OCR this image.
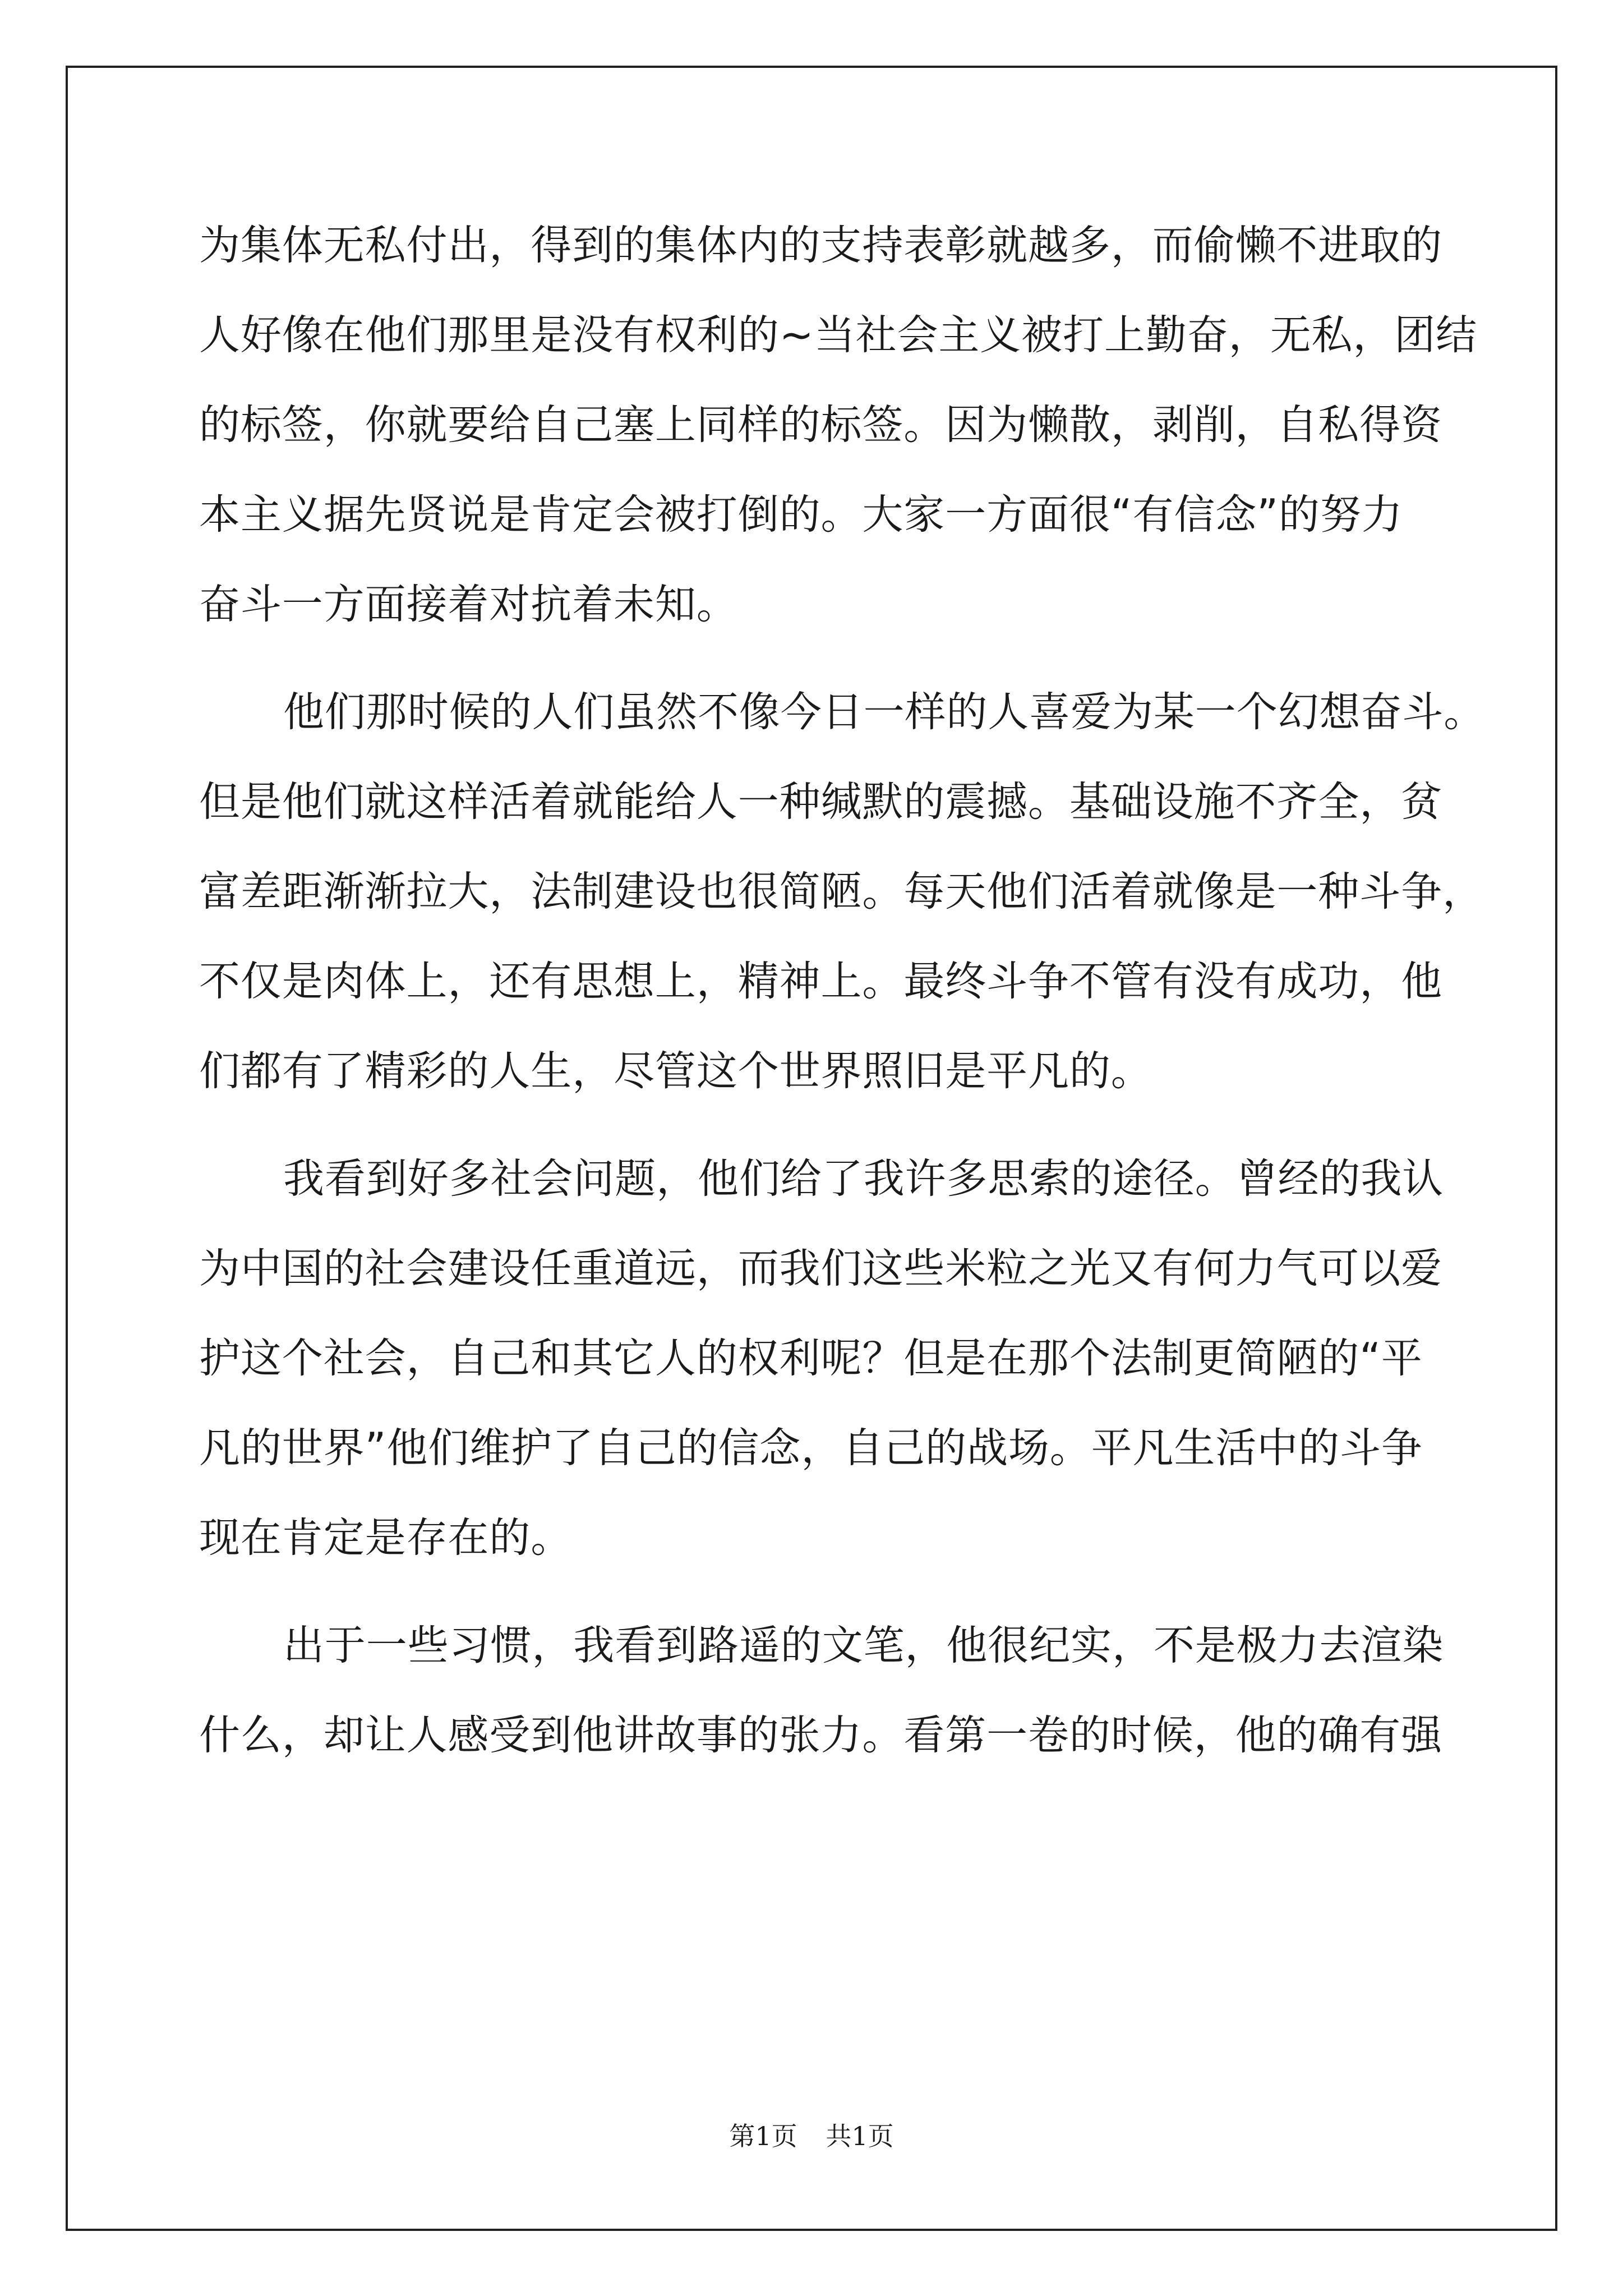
为集体无私付出，得到的集体内的支持表彰就越多，而偷懒不进取的
人好像在他们那里是没有权利的~当社会主义被打上勤奋，无私，团结
的标签，你就要给自己塞上同样的标签。因为懒散，剥削，自私得资
本主义据先贤说是肯定会被打倒的。大家一方面很“有信念”的努力
奋斗一方面接着对抗着未知。

他们那时候的人们虽然不像今日一样的人喜爱为某一个幻想奋斗。
但是他们就这样活着就能给人一种缄默的震撼。基础设施不齐全，贫
富差距渐渐拉大，法制建设也很简陋。每天他们活着就像是一种斗争，
不仅是肉体上，还有思想上，精神上。最终斗争不管有没有成功，他
们都有了精彩的人生，尽管这个世界照旧是平凡的。

我看到好多社会问题，他们给了我许多思索的途径。曾经的我认
为中国的社会建设任重道远，而我们这些米粒之光又有何力气可以爱
护这个社会，自己和其它人的权利呢？但是在那个法制更简陋的“平
凡的世界”他们维护了自己的信念，自己的战场。平凡生活中的斗争
现在肯定是存在的。

出于一些习惯，我看到路遥的文笔，他很纪实，不是极力去渲染
什么，却让人感受到他讲故事的张力。看第一卷的时候，他的确有强

第1页 共1页
